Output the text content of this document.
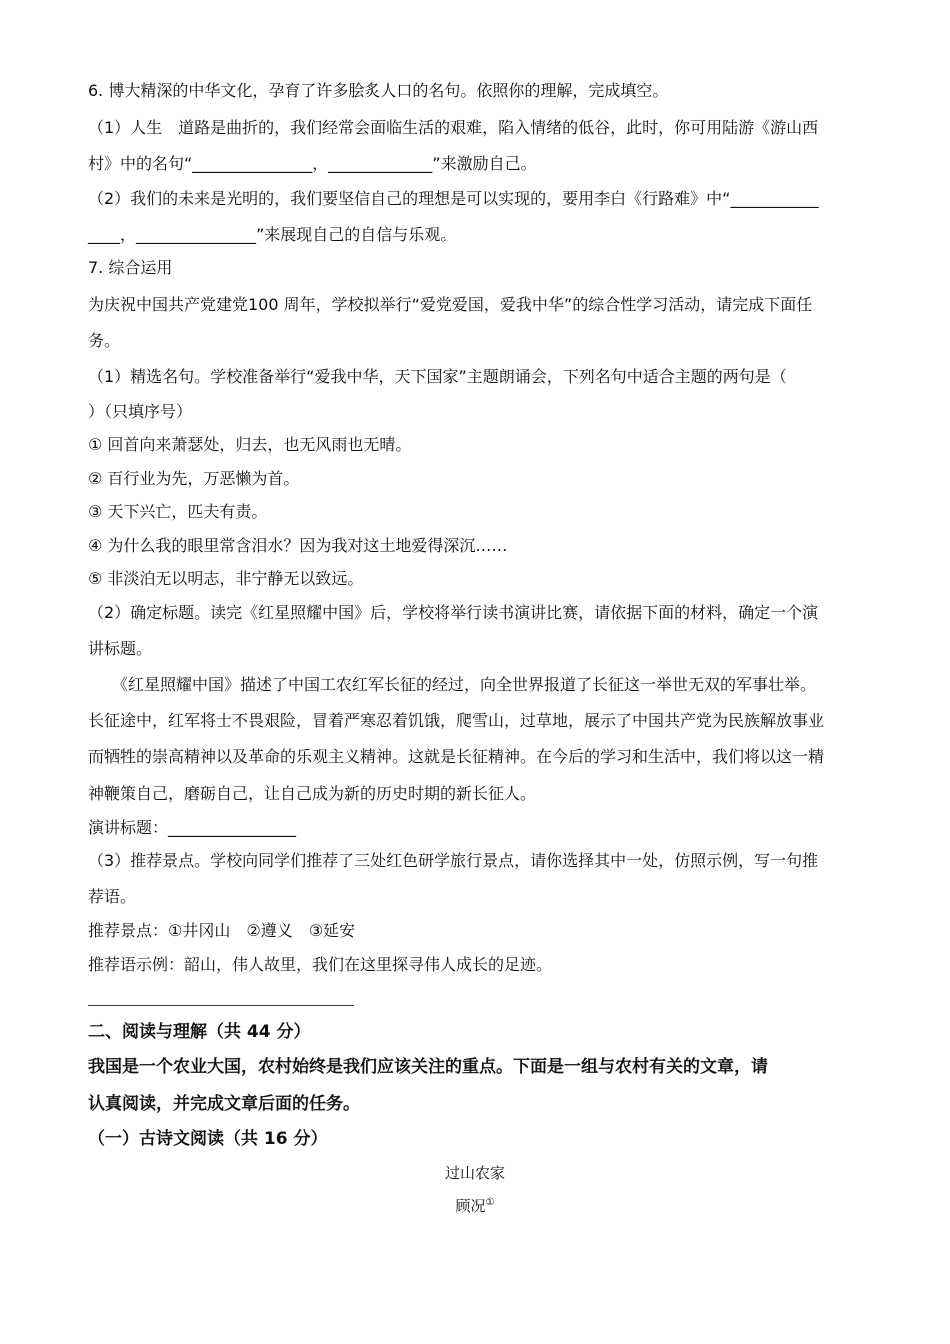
6. 博大精深的中华文化，孕育了许多脍炙人口的名句。依照你的理解，完成填空。
（1）人生　道路是曲折的，我们经常会面临生活的艰难，陷入情绪的低谷，此时，你可用陆游《游山西
村》中的名句“_______________，_____________”来激励自己。
（2）我们的未来是光明的，我们要坚信自己的理想是可以实现的，要用李白《行路难》中“___________
____，_______________”来展现自己的自信与乐观。
7. 综合运用
为庆祝中国共产党建党100 周年，学校拟举行“爱党爱国，爱我中华”的综合性学习活动，请完成下面任
务。
（1）精选名句。学校准备举行“爱我中华，天下国家”主题朗诵会，下列名句中适合主题的两句是（
）（只填序号）
① 回首向来萧瑟处，归去，也无风雨也无晴。
② 百行业为先，万恶懒为首。
③ 天下兴亡，匹夫有责。
④ 为什么我的眼里常含泪水？因为我对这土地爱得深沉……
⑤ 非淡泊无以明志，非宁静无以致远。
（2）确定标题。读完《红星照耀中国》后，学校将举行读书演讲比赛，请依据下面的材料，确定一个演
讲标题。
　　《红星照耀中国》描述了中国工农红军长征的经过，向全世界报道了长征这一举世无双的军事壮举。
长征途中，红军将士不畏艰险，冒着严寒忍着饥饿，爬雪山，过草地，展示了中国共产党为民族解放事业
而牺牲的崇高精神以及革命的乐观主义精神。这就是长征精神。在今后的学习和生活中，我们将以这一精
神鞭策自己，磨砺自己，让自己成为新的历史时期的新长征人。
演讲标题：________________
（3）推荐景点。学校向同学们推荐了三处红色研学旅行景点，请你选择其中一处，仿照示例，写一句推
荐语。
推荐景点：①井冈山　②遵义　③延安
推荐语示例：韶山，伟人故里，我们在这里探寻伟人成长的足迹。
二、阅读与理解（共 44 分）
我国是一个农业大国，农村始终是我们应该关注的重点。下面是一组与农村有关的文章，请
认真阅读，并完成文章后面的任务。
（一）古诗文阅读（共 16 分）
过山农家
顾况①
